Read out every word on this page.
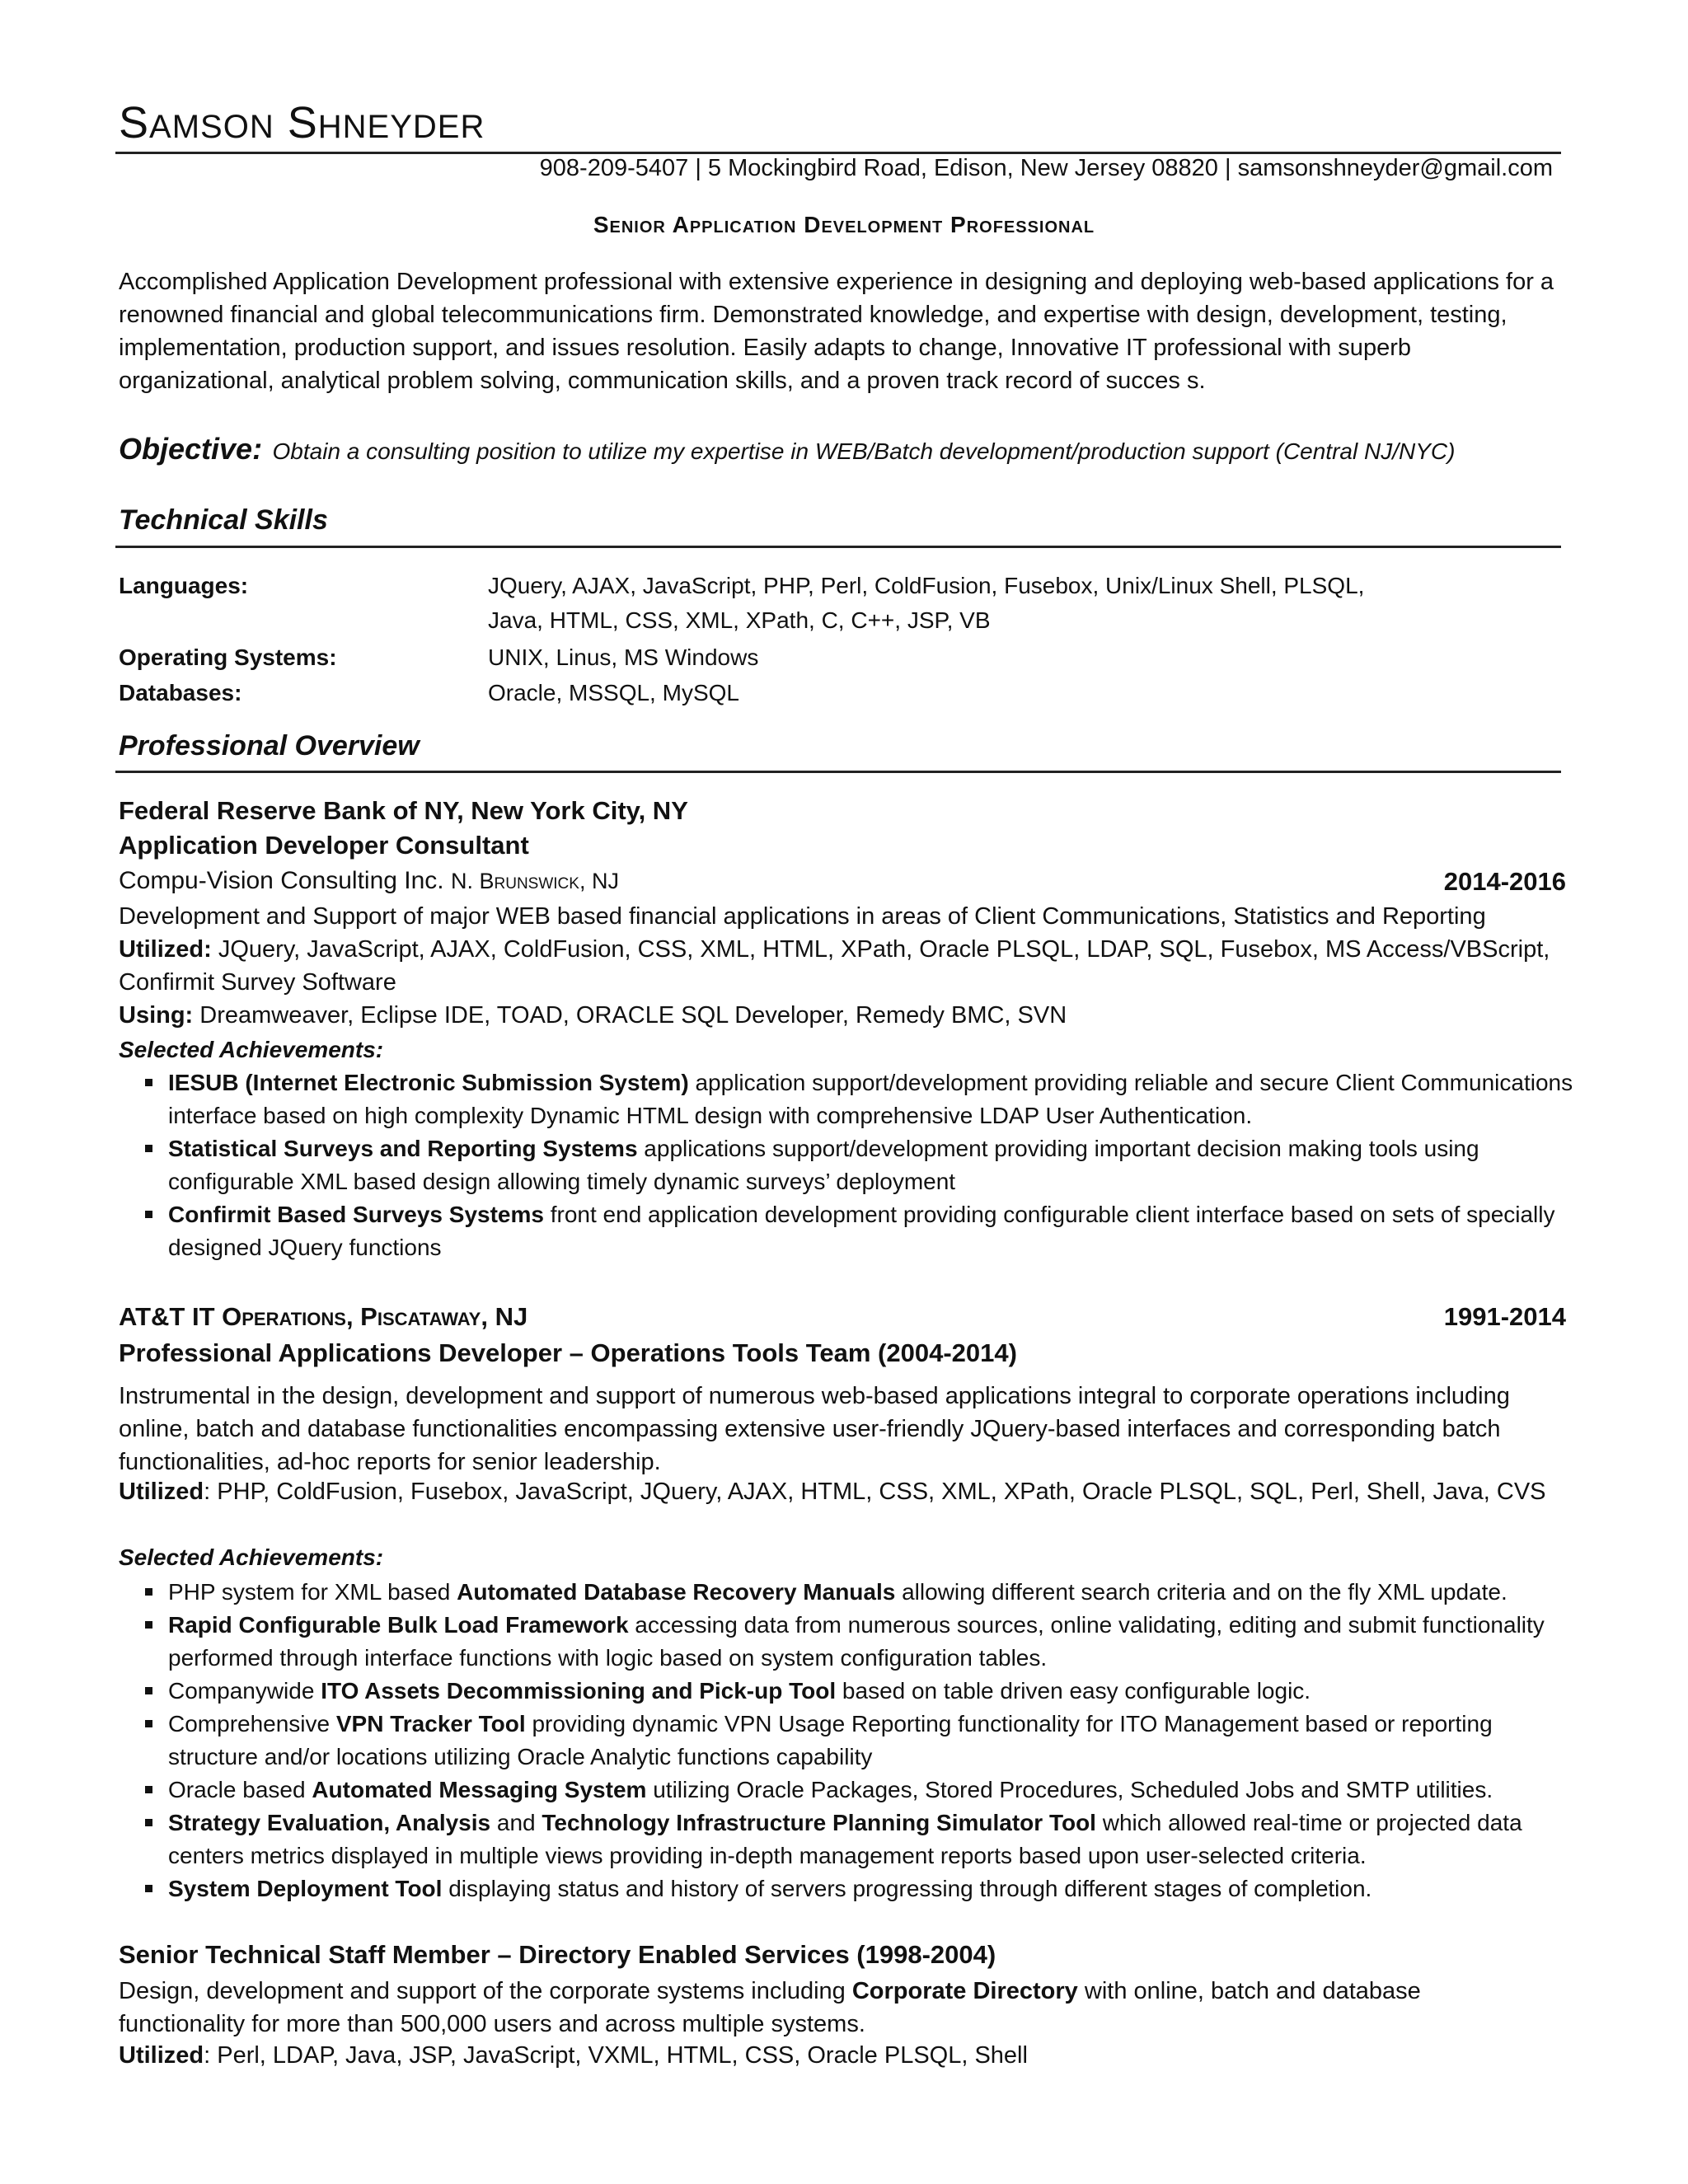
SAMSON SHNEYDER
908-209-5407 | 5 Mockingbird Road, Edison, New Jersey 08820 | samsonshneyder@gmail.com
Senior Application Development Professional
Accomplished Application Development professional with extensive experience in designing and deploying web-based applications for a renowned financial and global telecommunications firm. Demonstrated knowledge, and expertise with design, development, testing, implementation, production support, and issues resolution. Easily adapts to change, Innovative IT professional with superb organizational, analytical problem solving, communication skills, and a proven track record of succes s.
Objective: Obtain a consulting position to utilize my expertise in WEB/Batch development/production support (Central NJ/NYC)
Technical Skills
Languages:	JQuery, AJAX, JavaScript, PHP, Perl, ColdFusion, Fusebox, Unix/Linux Shell, PLSQL,
Java, HTML, CSS, XML, XPath, C, C++, JSP, VB
Operating Systems:	UNIX, Linus, MS Windows
Databases:	Oracle, MSSQL, MySQL
Professional Overview
Federal Reserve Bank of NY, New York City, NY
Application Developer Consultant
Compu-Vision Consulting Inc. N. Brunswick, NJ	2014-2016
Development and Support of major WEB based financial applications in areas of Client Communications, Statistics and Reporting
Utilized: JQuery, JavaScript, AJAX, ColdFusion, CSS, XML, HTML, XPath, Oracle PLSQL, LDAP, SQL, Fusebox, MS Access/VBScript,
Confirmit Survey Software
Using: Dreamweaver, Eclipse IDE, TOAD, ORACLE SQL Developer, Remedy BMC, SVN
Selected Achievements:
IESUB (Internet Electronic Submission System) application support/development providing reliable and secure Client Communications interface based on high complexity Dynamic HTML design with comprehensive LDAP User Authentication.
Statistical Surveys and Reporting Systems applications support/development providing important decision making tools using configurable XML based design allowing timely dynamic surveys’ deployment
Confirmit Based Surveys Systems front end application development providing configurable client interface based on sets of specially designed JQuery functions
AT&T IT Operations, Piscataway, NJ	1991-2014
Professional Applications Developer – Operations Tools Team (2004-2014)
Instrumental in the design, development and support of numerous web-based applications integral to corporate operations including online, batch and database functionalities encompassing extensive user-friendly JQuery-based interfaces and corresponding batch functionalities, ad-hoc reports for senior leadership.
Utilized: PHP, ColdFusion, Fusebox, JavaScript, JQuery, AJAX, HTML, CSS, XML, XPath, Oracle PLSQL, SQL, Perl, Shell, Java, CVS
Selected Achievements:
PHP system for XML based Automated Database Recovery Manuals allowing different search criteria and on the fly XML update.
Rapid Configurable Bulk Load Framework accessing data from numerous sources, online validating, editing and submit functionality performed through interface functions with logic based on system configuration tables.
Companywide ITO Assets Decommissioning and Pick-up Tool based on table driven easy configurable logic.
Comprehensive VPN Tracker Tool providing dynamic VPN Usage Reporting functionality for ITO Management based or reporting structure and/or locations utilizing Oracle Analytic functions capability
Oracle based Automated Messaging System utilizing Oracle Packages, Stored Procedures, Scheduled Jobs and SMTP utilities.
Strategy Evaluation, Analysis and Technology Infrastructure Planning Simulator Tool which allowed real-time or projected data centers metrics displayed in multiple views providing in-depth management reports based upon user-selected criteria.
System Deployment Tool displaying status and history of servers progressing through different stages of completion.
Senior Technical Staff Member – Directory Enabled Services (1998-2004)
Design, development and support of the corporate systems including Corporate Directory with online, batch and database functionality for more than 500,000 users and across multiple systems.
Utilized: Perl, LDAP, Java, JSP, JavaScript, VXML, HTML, CSS, Oracle PLSQL, Shell
